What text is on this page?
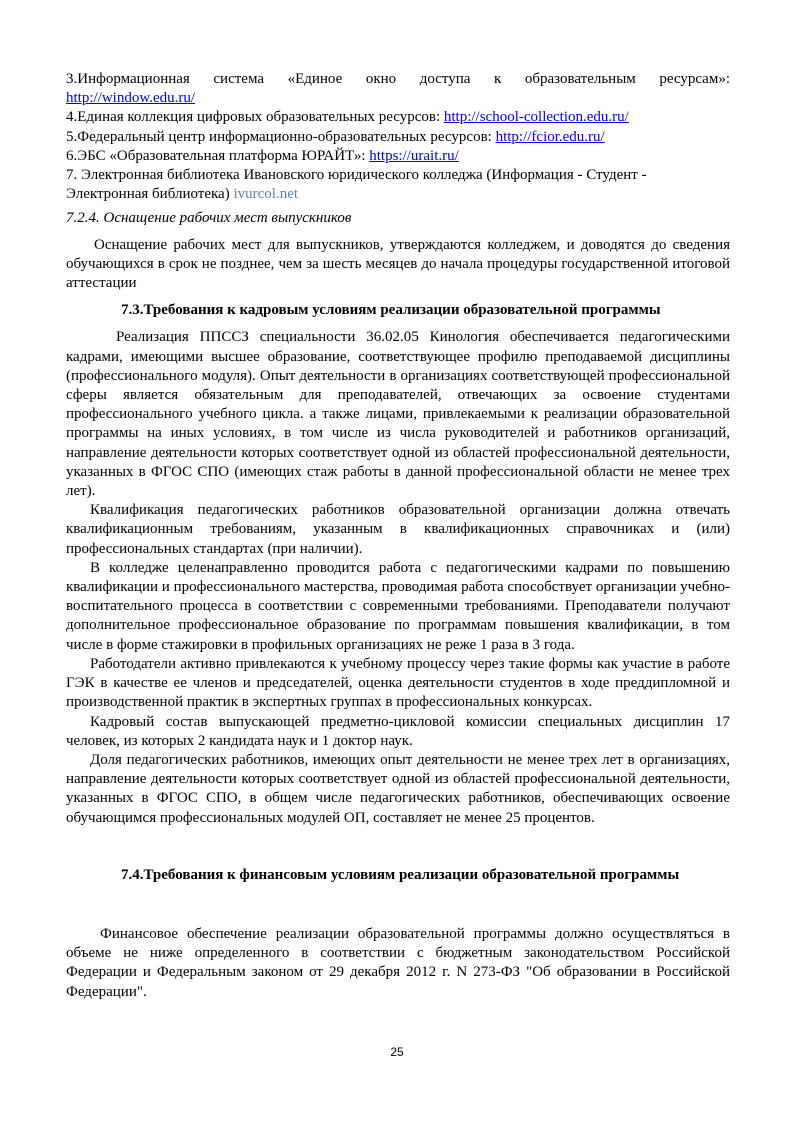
3.Информационная система «Единое окно доступа к образовательным ресурсам»:

http://window.edu.ru/

4.Единая коллекция цифровых образовательных ресурсов: http://school-collection.edu.ru/

5.Федеральный центр информационно-образовательных ресурсов: http://fcior.edu.ru/

6.ЭБС «Образовательная платформа ЮРАЙТ»: https://urait.ru/

7. Электронная библиотека Ивановского юридического колледжа (Информация - Студент - Электронная библиотека) ivurcol.net

7.2.4. Оснащение рабочих мест выпускников

Оснащение рабочих мест для выпускников, утверждаются колледжем, и доводятся до сведения обучающихся в срок не позднее, чем за шесть месяцев до начала процедуры государственной итоговой аттестации

7.3.Требования к кадровым условиям реализации образовательной программы

Реализация ППССЗ специальности 36.02.05 Кинология обеспечивается педагогическими кадрами, имеющими высшее образование, соответствующее профилю преподаваемой дисциплины (профессионального модуля). Опыт деятельности в организациях соответствующей профессиональной сферы является обязательным для преподавателей, отвечающих за освоение студентами профессионального учебного цикла. а также лицами, привлекаемыми к реализации образовательной программы на иных условиях, в том числе из числа руководителей и работников организаций, направление деятельности которых соответствует одной из областей профессиональной деятельности, указанных в ФГОС СПО (имеющих стаж работы в данной профессиональной области не менее трех лет).

Квалификация педагогических работников образовательной организации должна отвечать квалификационным требованиям, указанным в квалификационных справочниках и (или) профессиональных стандартах (при наличии).

В колледже целенаправленно проводится работа с педагогическими кадрами по повышению квалификации и профессионального мастерства, проводимая работа способствует организации учебно-воспитательного процесса в соответствии с современными требованиями. Преподаватели получают дополнительное профессиональное образование по программам повышения квалификации, в том числе в форме стажировки в профильных организациях не реже 1 раза в 3 года.

Работодатели активно привлекаются к учебному процессу через такие формы как участие в работе ГЭК в качестве ее членов и председателей, оценка деятельности студентов в ходе преддипломной и производственной практик в экспертных группах в профессиональных конкурсах.

Кадровый состав выпускающей предметно-цикловой комиссии специальных дисциплин 17 человек, из которых 2 кандидата наук и 1 доктор наук.

Доля педагогических работников, имеющих опыт деятельности не менее трех лет в организациях, направление деятельности которых соответствует одной из областей профессиональной деятельности, указанных в ФГОС СПО, в общем числе педагогических работников, обеспечивающих освоение обучающимся профессиональных модулей ОП, составляет не менее 25 процентов.

7.4.Требования к финансовым условиям реализации образовательной программы

Финансовое обеспечение реализации образовательной программы должно осуществляться в объеме не ниже определенного в соответствии с бюджетным законодательством Российской Федерации и Федеральным законом от 29 декабря 2012 г. N 273-ФЗ "Об образовании в Российской Федерации".

25
